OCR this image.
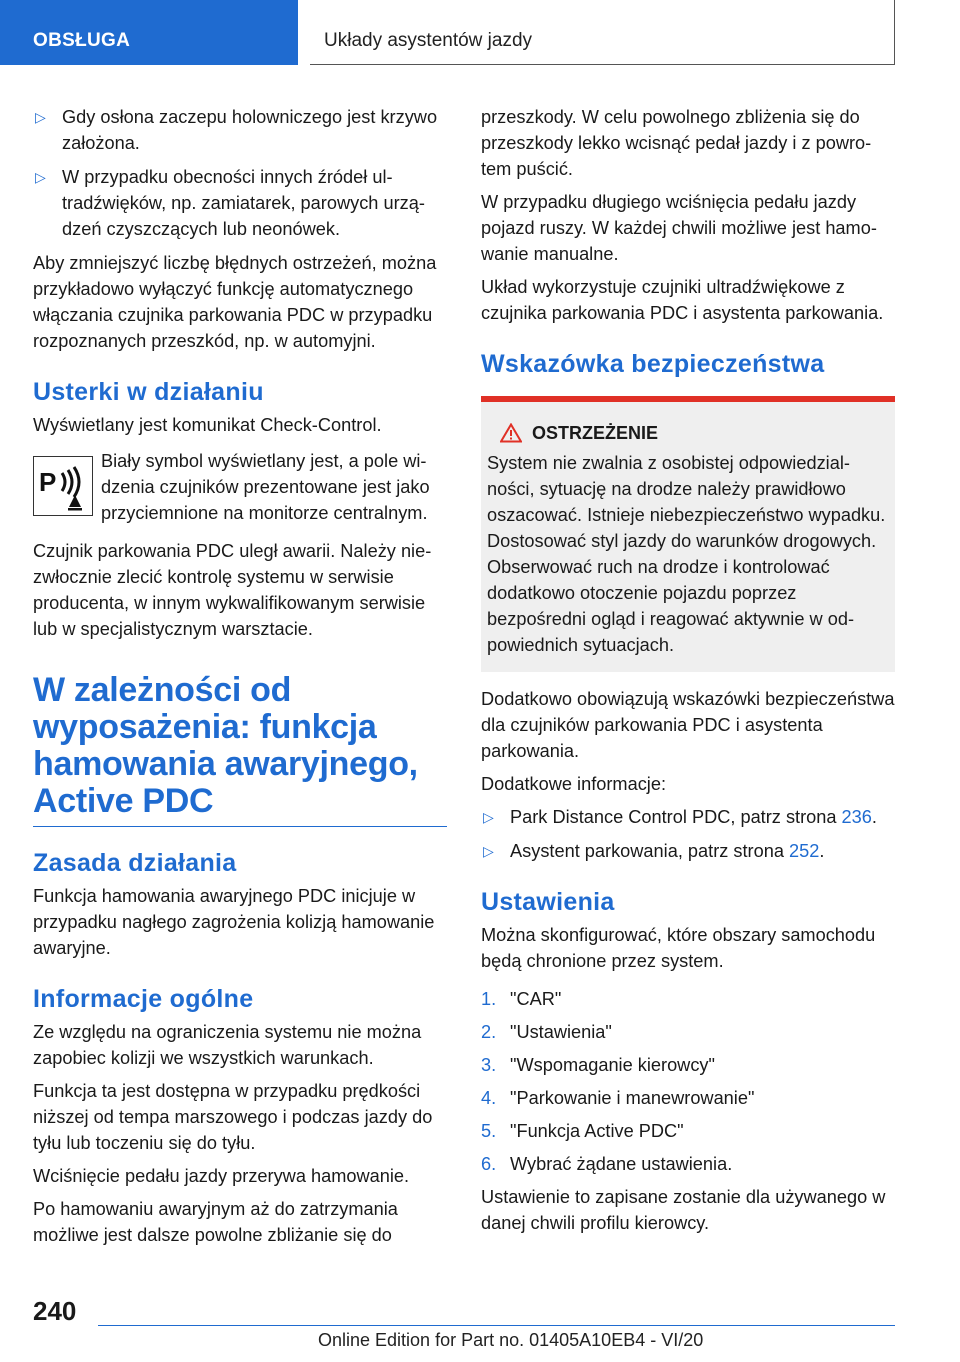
OBSŁUGA	Układy asystentów jazdy
▷ Gdy osłona zaczepu holowniczego jest krzywo założona.
▷ W przypadku obecności innych źródeł ultradźwięków, np. zamiatarek, parowych urządzeń czyszczących lub neonówek.

Aby zmniejszyć liczbę błędnych ostrzeżeń, można przykładowo wyłączyć funkcję automatycznego włączania czujnika parkowania PDC w przypadku rozpoznanych przeszkód, np. w automyjni.

Usterki w działaniu

Wyświetlany jest komunikat Check-Control.

P
Biały symbol wyświetlany jest, a pole widzenia czujników prezentowane jest jako przyciemnione na monitorze centralnym.

Czujnik parkowania PDC uległ awarii. Należy niezwłocznie zlecić kontrolę systemu w serwisie producenta, w innym wykwalifikowanym serwisie lub w specjalistycznym warsztacie.

W zależności od wyposażenia: funkcja hamowania awaryjnego, Active PDC
Zasada działania

Funkcja hamowania awaryjnego PDC inicjuje w przypadku nagłego zagrożenia kolizją hamowanie awaryjne.

Informacje ogólne

Ze względu na ograniczenia systemu nie można zapobiec kolizji we wszystkich warunkach.

Funkcja ta jest dostępna w przypadku prędkości niższej od tempa marszowego i podczas jazdy do tyłu lub toczeniu się do tyłu.

Wciśnięcie pedału jazdy przerywa hamowanie.

Po hamowaniu awaryjnym aż do zatrzymania możliwe jest dalsze powolne zbliżanie się do

przeszkody. W celu powolnego zbliżenia się do przeszkody lekko wcisnąć pedał jazdy i z powrotem puścić.

W przypadku długiego wciśnięcia pedału jazdy pojazd ruszy. W każdej chwili możliwe jest hamowanie manualne.

Układ wykorzystuje czujniki ultradźwiękowe z czujnika parkowania PDC i asystenta parkowania.

Wskazówka bezpieczeństwa
OSTRZEŻENIE
System nie zwalnia z osobistej odpowiedzialności, sytuację na drodze należy prawidłowo oszacować. Istnieje niebezpieczeństwo wypadku. Dostosować styl jazdy do warunków drogowych. Obserwować ruch na drodze i kontrolować dodatkowo otoczenie pojazdu poprzez bezpośredni ogląd i reagować aktywnie w odpowiednich sytuacjach.

Dodatkowo obowiązują wskazówki bezpieczeństwa dla czujników parkowania PDC i asystenta parkowania.

Dodatkowe informacje:

▷ Park Distance Control PDC, patrz strona 236.
▷ Asystent parkowania, patrz strona 252.
Ustawienia

Można skonfigurować, które obszary samochodu będą chronione przez system.

1. "CAR"
2. "Ustawienia"
3. "Wspomaganie kierowcy"
4. "Parkowanie i manewrowanie"
5. "Funkcja Active PDC"
6. Wybrać żądane ustawienia.

Ustawienie to zapisane zostanie dla używanego w danej chwili profilu kierowcy.

240
Online Edition for Part no. 01405A10EB4 - VI/20
